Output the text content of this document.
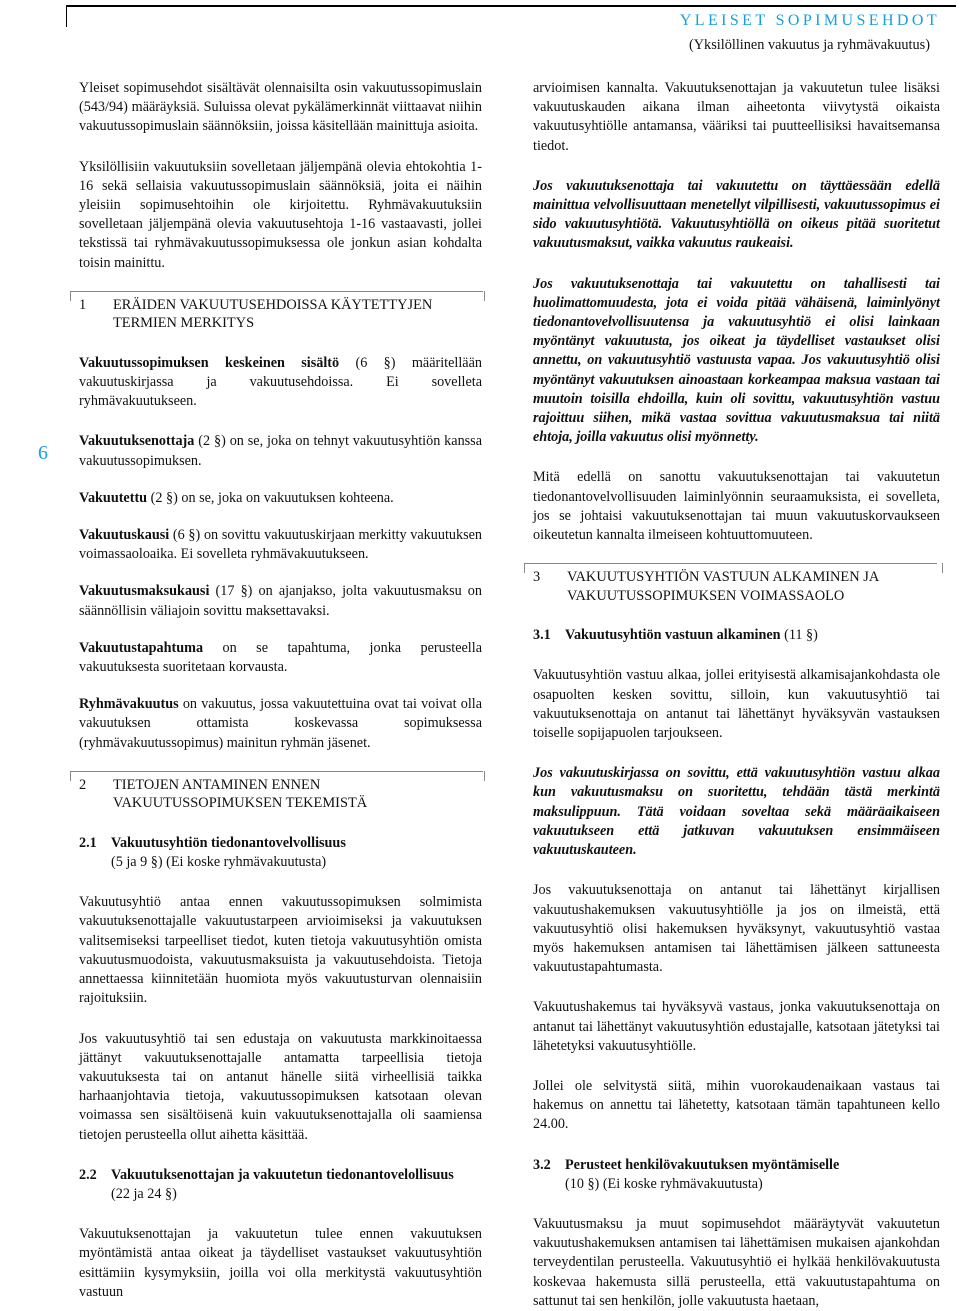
YLEISET SOPIMUSEHDOT
(Yksilöllinen vakuutus ja ryhmävakuutus)
6

Yleiset sopimusehdot sisältävät olennaisilta osin vakuutussopimuslain (543/94) määräyksiä. Suluissa olevat pykälämerkinnät viittaavat niihin vakuutussopimuslain säännöksiin, joissa käsitellään mainittuja asioita.

Yksilöllisiin vakuutuksiin sovelletaan jäljempänä olevia ehtokohtia 1-16 sekä sellaisia vakuutussopimuslain säännöksiä, joita ei näihin yleisiin sopimusehtoihin ole kirjoitettu. Ryhmävakuutuksiin sovelletaan jäljempänä olevia vakuutusehtoja 1-16 vastaavasti, jollei tekstissä tai ryhmävakuutussopimuksessa ole jonkun asian kohdalta toisin mainittu.

1 ERÄIDEN VAKUUTUSEHDOISSA KÄYTETTYJEN
TERMIEN MERKITYS

Vakuutussopimuksen keskeinen sisältö (6 §) määritellään vakuutuskirjassa ja vakuutusehdoissa. Ei sovelleta ryhmävakuutukseen.

Vakuutuksenottaja (2 §) on se, joka on tehnyt vakuutusyhtiön kanssa vakuutussopimuksen.

Vakuutettu (2 §) on se, joka on vakuutuksen kohteena.

Vakuutuskausi (6 §) on sovittu vakuutuskirjaan merkitty vakuutuksen voimassaoloaika. Ei sovelleta ryhmävakuutukseen.

Vakuutusmaksukausi (17 §) on ajanjakso, jolta vakuutusmaksu on säännöllisin väliajoin sovittu maksettavaksi.

Vakuutustapahtuma on se tapahtuma, jonka perusteella vakuutuksesta suoritetaan korvausta.

Ryhmävakuutus on vakuutus, jossa vakuutettuina ovat tai voivat olla vakuutuksen ottamista koskevassa sopimuksessa (ryhmävakuutussopimus) mainitun ryhmän jäsenet.

2 TIETOJEN ANTAMINEN ENNEN
VAKUUTUSSOPIMUKSEN TEKEMISTÄ
2.1 Vakuutusyhtiön tiedonantovelvollisuus
(5 ja 9 §) (Ei koske ryhmävakuutusta)

Vakuutusyhtiö antaa ennen vakuutussopimuksen solmimista vakuutuksenottajalle vakuutustarpeen arvioimiseksi ja vakuutuksen valitsemiseksi tarpeelliset tiedot, kuten tietoja vakuutusyhtiön omista vakuutusmuodoista, vakuutusmaksuista ja vakuutusehdoista. Tietoja annettaessa kiinnitetään huomiota myös vakuutusturvan olennaisiin rajoituksiin.

Jos vakuutusyhtiö tai sen edustaja on vakuutusta markkinoitaessa jättänyt vakuutuksenottajalle antamatta tarpeellisia tietoja vakuutuksesta tai on antanut hänelle siitä virheellisiä taikka harhaanjohtavia tietoja, vakuutussopimuksen katsotaan olevan voimassa sen sisältöisenä kuin vakuutuksenottajalla oli saamiensa tietojen perusteella ollut aihetta käsittää.

2.2 Vakuutuksenottajan ja vakuutetun tiedonantovelollisuus
(22 ja 24 §)

Vakuutuksenottajan ja vakuutetun tulee ennen vakuutuksen myöntämistä antaa oikeat ja täydelliset vastaukset vakuutusyhtiön esittämiin kysymyksiin, joilla voi olla merkitystä vakuutusyhtiön vastuun

arvioimisen kannalta. Vakuutuksenottajan ja vakuutetun tulee lisäksi vakuutuskauden aikana ilman aiheetonta viivytystä oikaista vakuutusyhtiölle antamansa, vääriksi tai puutteellisiksi havaitsemansa tiedot.

Jos vakuutuksenottaja tai vakuutettu on täyttäessään edellä mainittua velvollisuuttaan menetellyt vilpillisesti, vakuutussopimus ei sido vakuutusyhtiötä. Vakuutusyhtiöllä on oikeus pitää suoritetut vakuutusmaksut, vaikka vakuutus raukeaisi.

Jos vakuutuksenottaja tai vakuutettu on tahallisesti tai huolimattomuudesta, jota ei voida pitää vähäisenä, laiminlyönyt tiedonantovelvollisuutensa ja vakuutusyhtiö ei olisi lainkaan myöntänyt vakuutusta, jos oikeat ja täydelliset vastaukset olisi annettu, on vakuutusyhtiö vastuusta vapaa. Jos vakuutusyhtiö olisi myöntänyt vakuutuksen ainoastaan korkeampaa maksua vastaan tai muutoin toisilla ehdoilla, kuin oli sovittu, vakuutusyhtiön vastuu rajoittuu siihen, mikä vastaa sovittua vakuutusmaksua tai niitä ehtoja, joilla vakuutus olisi myönnetty.

Mitä edellä on sanottu vakuutuksenottajan tai vakuutetun tiedonantovelvollisuuden laiminlyönnin seuraamuksista, ei sovelleta, jos se johtaisi vakuutuksenottajan tai muun vakuutuskorvaukseen oikeutetun kannalta ilmeiseen kohtuuttomuuteen.

3 VAKUUTUSYHTIÖN VASTUUN ALKAMINEN JA
VAKUUTUSSOPIMUKSEN VOIMASSAOLO
3.1 Vakuutusyhtiön vastuun alkaminen (11 §)

Vakuutusyhtiön vastuu alkaa, jollei erityisestä alkamisajankohdasta ole osapuolten kesken sovittu, silloin, kun vakuutusyhtiö tai vakuutuksenottaja on antanut tai lähettänyt hyväksyvän vastauksen toiselle sopijapuolen tarjoukseen.

Jos vakuutuskirjassa on sovittu, että vakuutusyhtiön vastuu alkaa kun vakuutusmaksu on suoritettu, tehdään tästä merkintä maksulippuun. Tätä voidaan soveltaa sekä määräaikaiseen vakuutukseen että jatkuvan vakuutuksen ensimmäiseen vakuutuskauteen.

Jos vakuutuksenottaja on antanut tai lähettänyt kirjallisen vakuutushakemuksen vakuutusyhtiölle ja jos on ilmeistä, että vakuutusyhtiö olisi hakemuksen hyväksynyt, vakuutusyhtiö vastaa myös hakemuksen antamisen tai lähettämisen jälkeen sattuneesta vakuutustapahtumasta.

Vakuutushakemus tai hyväksyvä vastaus, jonka vakuutuksenottaja on antanut tai lähettänyt vakuutusyhtiön edustajalle, katsotaan jätetyksi tai lähetetyksi vakuutusyhtiölle.

Jollei ole selvitystä siitä, mihin vuorokaudenaikaan vastaus tai hakemus on annettu tai lähetetty, katsotaan tämän tapahtuneen kello 24.00.

3.2 Perusteet henkilövakuutuksen myöntämiselle
(10 §) (Ei koske ryhmävakuutusta)

Vakuutusmaksu ja muut sopimusehdot määräytyvät vakuutetun vakuutushakemuksen antamisen tai lähettämisen mukaisen ajankohdan terveydentilan perusteella. Vakuutusyhtiö ei hylkää henkilövakuutusta koskevaa hakemusta sillä perusteella, että vakuutustapahtuma on sattunut tai sen henkilön, jolle vakuutusta haetaan,
